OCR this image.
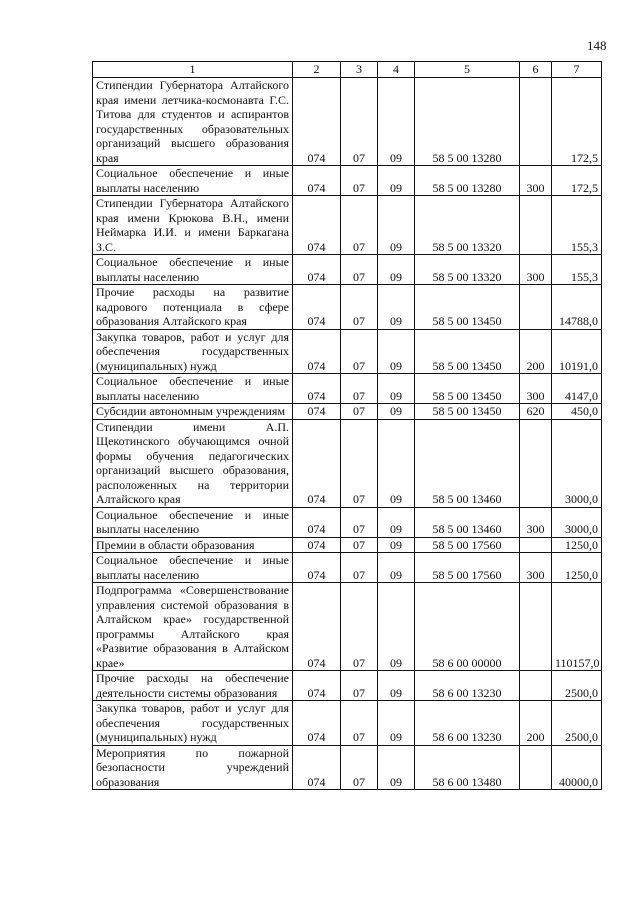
148
1	2	3	4	5	6	7
Стипендии Губернатора Алтайского края имени летчика-космонавта Г.С. Титова для студентов и аспирантов государственных образовательных организаций высшего образования края	074	07	09	58 5 00 13280		172,5
Социальное обеспечение и иные выплаты населению	074	07	09	58 5 00 13280	300	172,5
Стипендии Губернатора Алтайского края имени Крюкова В.Н., имени Неймарка И.И. и имени Баркагана З.С.	074	07	09	58 5 00 13320		155,3
Социальное обеспечение и иные выплаты населению	074	07	09	58 5 00 13320	300	155,3
Прочие расходы на развитие кадрового потенциала в сфере образования Алтайского края	074	07	09	58 5 00 13450		14788,0
Закупка товаров, работ и услуг для обеспечения государственных (муниципальных) нужд	074	07	09	58 5 00 13450	200	10191,0
Социальное обеспечение и иные выплаты населению	074	07	09	58 5 00 13450	300	4147,0
Субсидии автономным учреждениям	074	07	09	58 5 00 13450	620	450,0
Стипендии имени А.П. Щекотинского обучающимся очной формы обучения педагогических организаций высшего образования, расположенных на территории Алтайского края	074	07	09	58 5 00 13460		3000,0
Социальное обеспечение и иные выплаты населению	074	07	09	58 5 00 13460	300	3000,0
Премии в области образования	074	07	09	58 5 00 17560		1250,0
Социальное обеспечение и иные выплаты населению	074	07	09	58 5 00 17560	300	1250,0
Подпрограмма «Совершенствование управления системой образования в Алтайском крае» государственной программы Алтайского края «Развитие образования в Алтайском крае»	074	07	09	58 6 00 00000		110157,0
Прочие расходы на обеспечение деятельности системы образования	074	07	09	58 6 00 13230		2500,0
Закупка товаров, работ и услуг для обеспечения государственных (муниципальных) нужд	074	07	09	58 6 00 13230	200	2500,0
Мероприятия по пожарной безопасности учреждений образования	074	07	09	58 6 00 13480		40000,0
